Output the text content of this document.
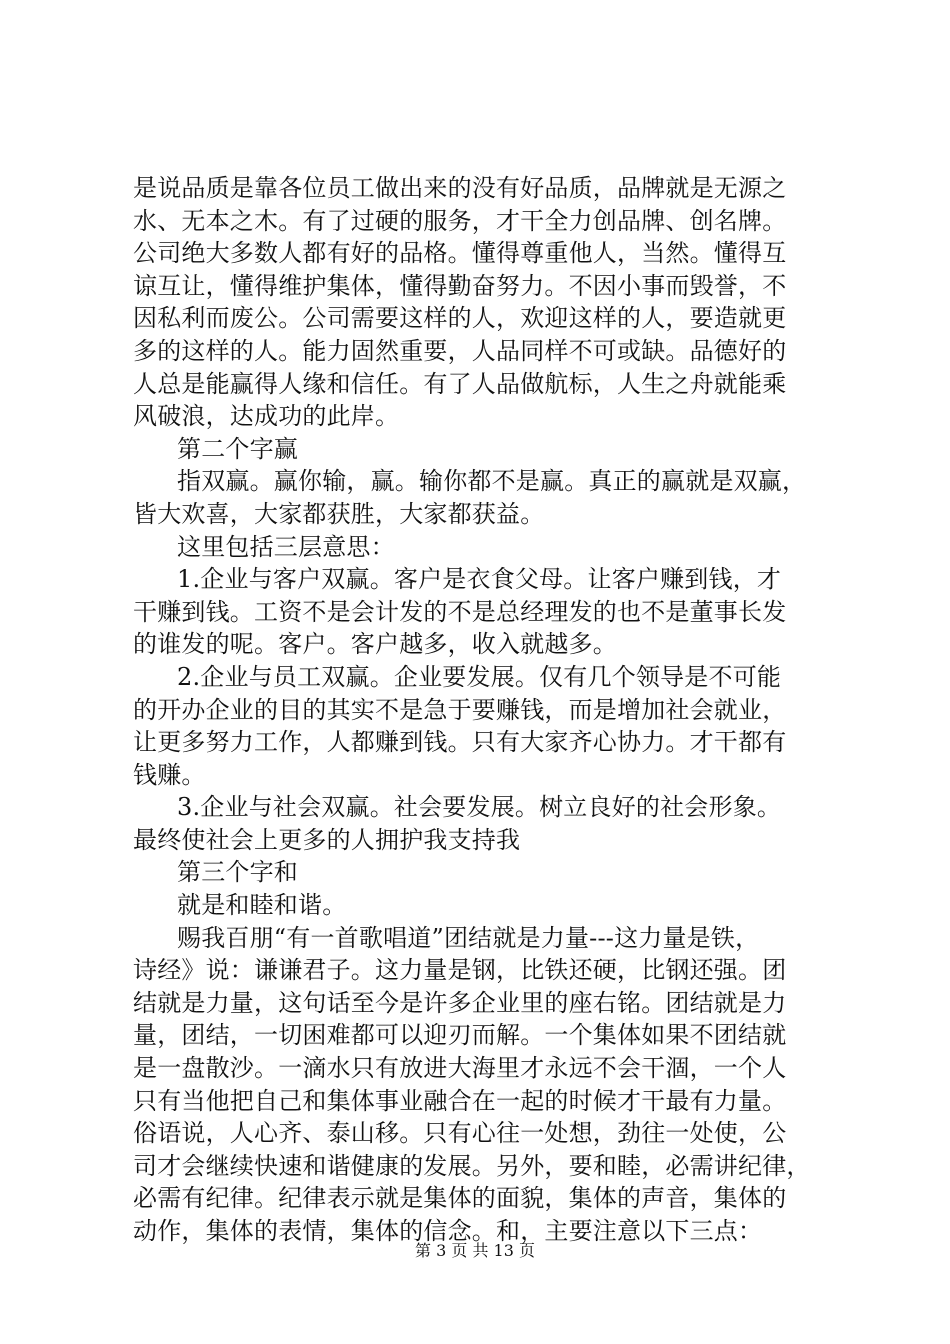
是说品质是靠各位员工做出来的没有好品质，品牌就是无源之
水、无本之木。有了过硬的服务，才干全力创品牌、创名牌。
公司绝大多数人都有好的品格。懂得尊重他人，当然。懂得互
谅互让，懂得维护集体，懂得勤奋努力。不因小事而毁誉，不
因私利而废公。公司需要这样的人，欢迎这样的人，要造就更
多的这样的人。能力固然重要，人品同样不可或缺。品德好的
人总是能赢得人缘和信任。有了人品做航标，人生之舟就能乘
风破浪，达成功的此岸。
第二个字赢
指双赢。赢你输，赢。输你都不是赢。真正的赢就是双赢，
皆大欢喜，大家都获胜，大家都获益。
这里包括三层意思：
1.企业与客户双赢。客户是衣食父母。让客户赚到钱，才
干赚到钱。工资不是会计发的不是总经理发的也不是董事长发
的谁发的呢。客户。客户越多，收入就越多。
2.企业与员工双赢。企业要发展。仅有几个领导是不可能
的开办企业的目的其实不是急于要赚钱，而是增加社会就业，
让更多努力工作，人都赚到钱。只有大家齐心协力。才干都有
钱赚。
3.企业与社会双赢。社会要发展。树立良好的社会形象。
最终使社会上更多的人拥护我支持我
第三个字和
就是和睦和谐。
赐我百朋“有一首歌唱道”团结就是力量---这力量是铁，
诗经》说：谦谦君子。这力量是钢，比铁还硬，比钢还强。团
结就是力量，这句话至今是许多企业里的座右铭。团结就是力
量，团结，一切困难都可以迎刃而解。一个集体如果不团结就
是一盘散沙。一滴水只有放进大海里才永远不会干涸，一个人
只有当他把自己和集体事业融合在一起的时候才干最有力量。
俗语说，人心齐、泰山移。只有心往一处想，劲往一处使，公
司才会继续快速和谐健康的发展。另外，要和睦，必需讲纪律，
必需有纪律。纪律表示就是集体的面貌，集体的声音，集体的
动作，集体的表情，集体的信念。和，主要注意以下三点：
第 3 页 共 13 页
